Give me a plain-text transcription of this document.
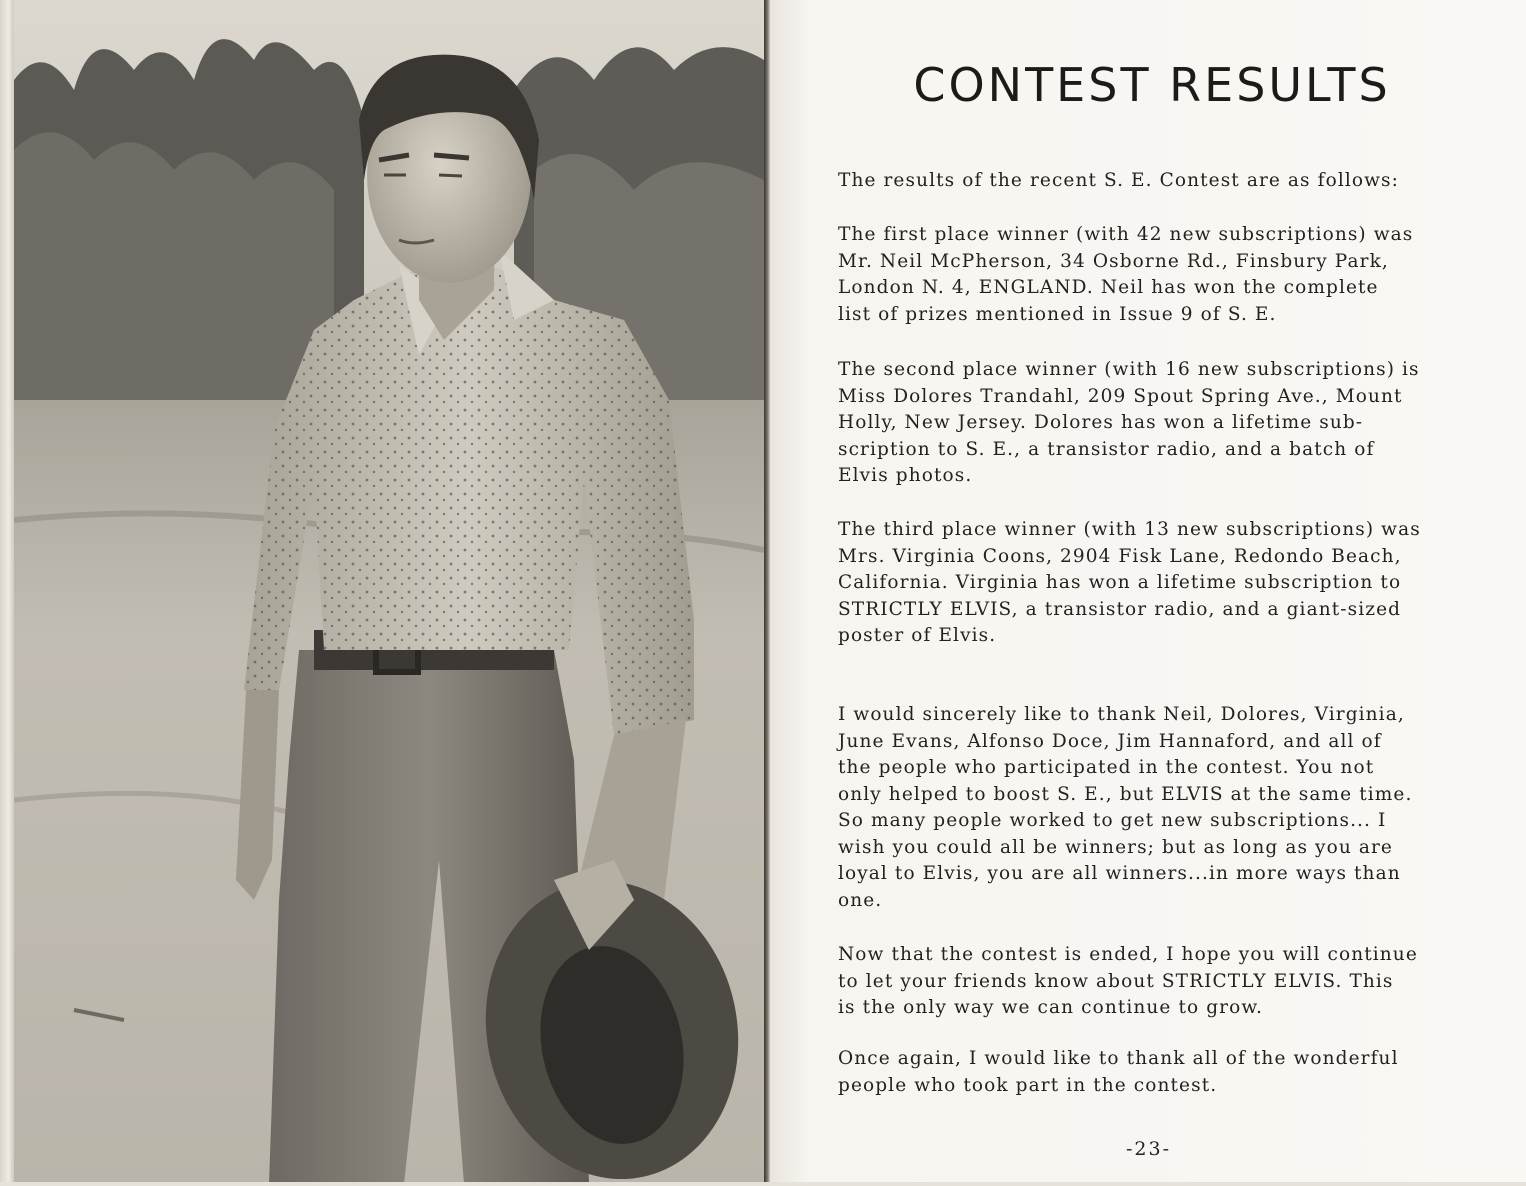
CONTEST RESULTS

The results of the recent S. E. Contest are as follows:

The first place winner (with 42 new subscriptions) was
Mr. Neil McPherson, 34 Osborne Rd., Finsbury Park,
London N. 4, ENGLAND. Neil has won the complete
list of prizes mentioned in Issue 9 of S. E.

The second place winner (with 16 new subscriptions) is
Miss Dolores Trandahl, 209 Spout Spring Ave., Mount
Holly, New Jersey. Dolores has won a lifetime sub-
scription to S. E., a transistor radio, and a batch of
Elvis photos.

The third place winner (with 13 new subscriptions) was
Mrs. Virginia Coons, 2904 Fisk Lane, Redondo Beach,
California. Virginia has won a lifetime subscription to
STRICTLY ELVIS, a transistor radio, and a giant-sized
poster of Elvis.

I would sincerely like to thank Neil, Dolores, Virginia,
June Evans, Alfonso Doce, Jim Hannaford, and all of
the people who participated in the contest. You not
only helped to boost S. E., but ELVIS at the same time.
So many people worked to get new subscriptions... I
wish you could all be winners; but as long as you are
loyal to Elvis, you are all winners...in more ways than
one.

Now that the contest is ended, I hope you will continue
to let your friends know about STRICTLY ELVIS. This
is the only way we can continue to grow.

Once again, I would like to thank all of the wonderful
people who took part in the contest.

-23-
